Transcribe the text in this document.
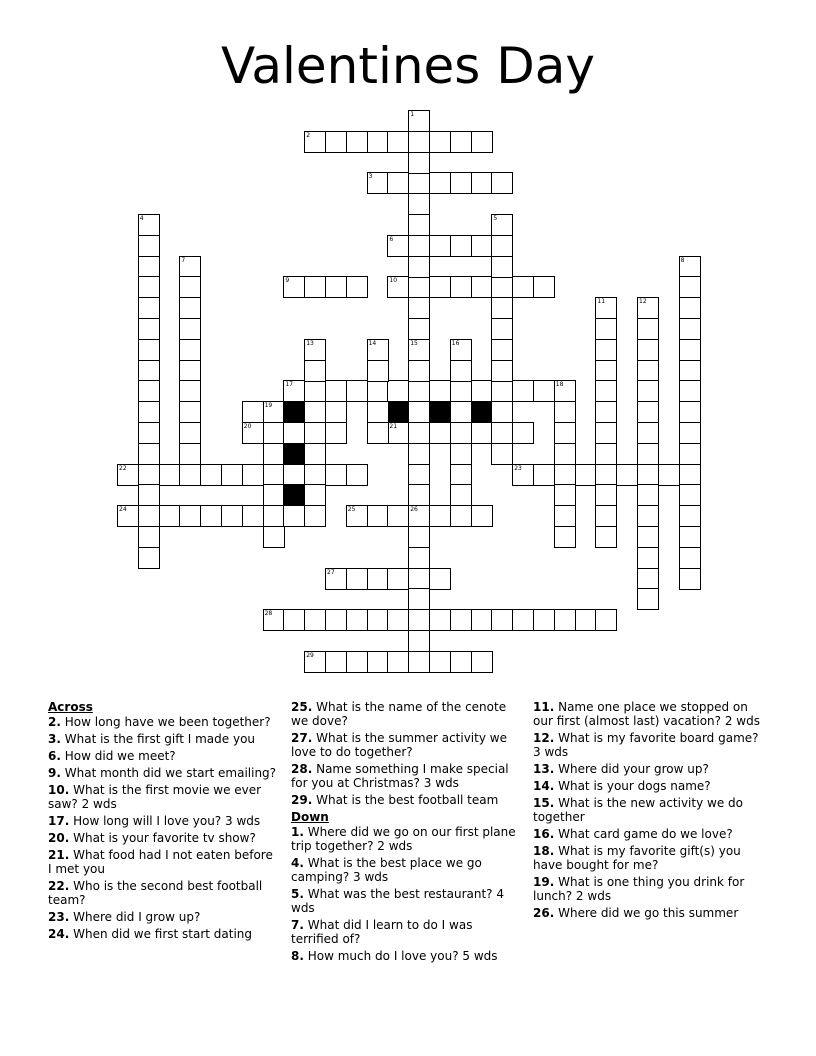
Valentines Day
1
2
3
4	5
6
7	8
9	10
11	12
13	14	15	16
17	18
19
20	21
22	23
24	25	26
27
28
29
Across
2. How long have we been together?
3. What is the first gift I made you
6. How did we meet?
9. What month did we start emailing?
10. What is the first movie we ever saw? 2 wds
17. How long will I love you? 3 wds
20. What is your favorite tv show?
21. What food had I not eaten before I met you
22. Who is the second best football team?
23. Where did I grow up?
24. When did we first start dating
25. What is the name of the cenote we dove?
27. What is the summer activity we love to do together?
28. Name something I make special for you at Christmas? 3 wds
29. What is the best football team
Down
1. Where did we go on our first plane trip together? 2 wds
4. What is the best place we go camping? 3 wds
5. What was the best restaurant? 4 wds
7. What did I learn to do I was terrified of?
8. How much do I love you? 5 wds
11. Name one place we stopped on our first (almost last) vacation? 2 wds
12. What is my favorite board game? 3 wds
13. Where did your grow up?
14. What is your dogs name?
15. What is the new activity we do together
16. What card game do we love?
18. What is my favorite gift(s) you have bought for me?
19. What is one thing you drink for lunch? 2 wds
26. Where did we go this summer
